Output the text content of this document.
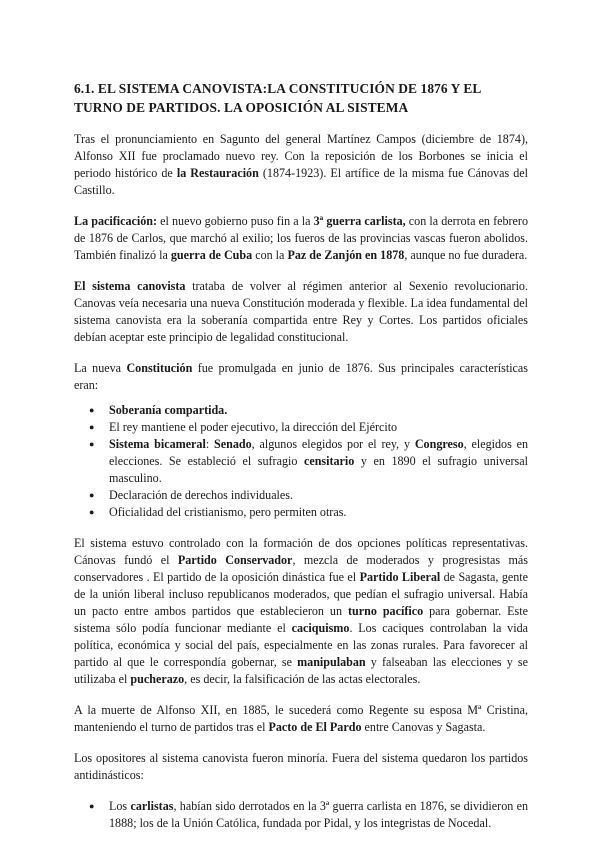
6.1. EL SISTEMA CANOVISTA:LA CONSTITUCIÓN DE 1876 Y EL TURNO DE PARTIDOS. LA OPOSICIÓN AL SISTEMA

Tras el pronunciamiento en Sagunto del general Martínez Campos (diciembre de 1874), Alfonso XII fue proclamado nuevo rey. Con la reposición de los Borbones se inicia el periodo histórico de la Restauración (1874-1923). El artífice de la misma fue Cánovas del Castillo.

La pacificación: el nuevo gobierno puso fin a la 3ª guerra carlista, con la derrota en febrero de 1876 de Carlos, que marchó al exilio; los fueros de las provincias vascas fueron abolidos. También finalizó la guerra de Cuba con la Paz de Zanjón en 1878, aunque no fue duradera.

El sistema canovista trataba de volver al régimen anterior al Sexenio revolucionario. Canovas veía necesaria una nueva Constitución moderada y flexible. La idea fundamental del sistema canovista era la soberanía compartida entre Rey y Cortes. Los partidos oficiales debían aceptar este principio de legalidad constitucional.

La nueva Constitución fue promulgada en junio de 1876. Sus principales características eran:

● Soberanía compartida.
● El rey mantiene el poder ejecutivo, la dirección del Ejército
● Sistema bicameral: Senado, algunos elegidos por el rey, y Congreso, elegidos en elecciones. Se estableció el sufragio censitario y en 1890 el sufragio universal masculino.
● Declaración de derechos individuales.
● Oficialidad del cristianismo, pero permiten otras.

El sistema estuvo controlado con la formación de dos opciones políticas representativas. Cánovas fundó el Partido Conservador, mezcla de moderados y progresistas más conservadores . El partido de la oposición dinástica fue el Partido Liberal de Sagasta, gente de la unión liberal incluso republicanos moderados, que pedían el sufragio universal. Había un pacto entre ambos partidos que establecieron un turno pacífico para gobernar. Este sistema sólo podía funcionar mediante el caciquismo. Los caciques controlaban la vida política, económica y social del país, especialmente en las zonas rurales. Para favorecer al partido al que le correspondía gobernar, se manipulaban y falseaban las elecciones y se utilizaba el pucherazo, es decir, la falsificación de las actas electorales.

A la muerte de Alfonso XII, en 1885, le sucederá como Regente su esposa Mª Cristina, manteniendo el turno de partidos tras el Pacto de El Pardo entre Canovas y Sagasta.

Los opositores al sistema canovista fueron minoría. Fuera del sistema quedaron los partidos antidinásticos:

● Los carlistas, habían sido derrotados en la 3ª guerra carlista en 1876, se dividieron en 1888; los de la Unión Católica, fundada por Pidal, y los integristas de Nocedal.
